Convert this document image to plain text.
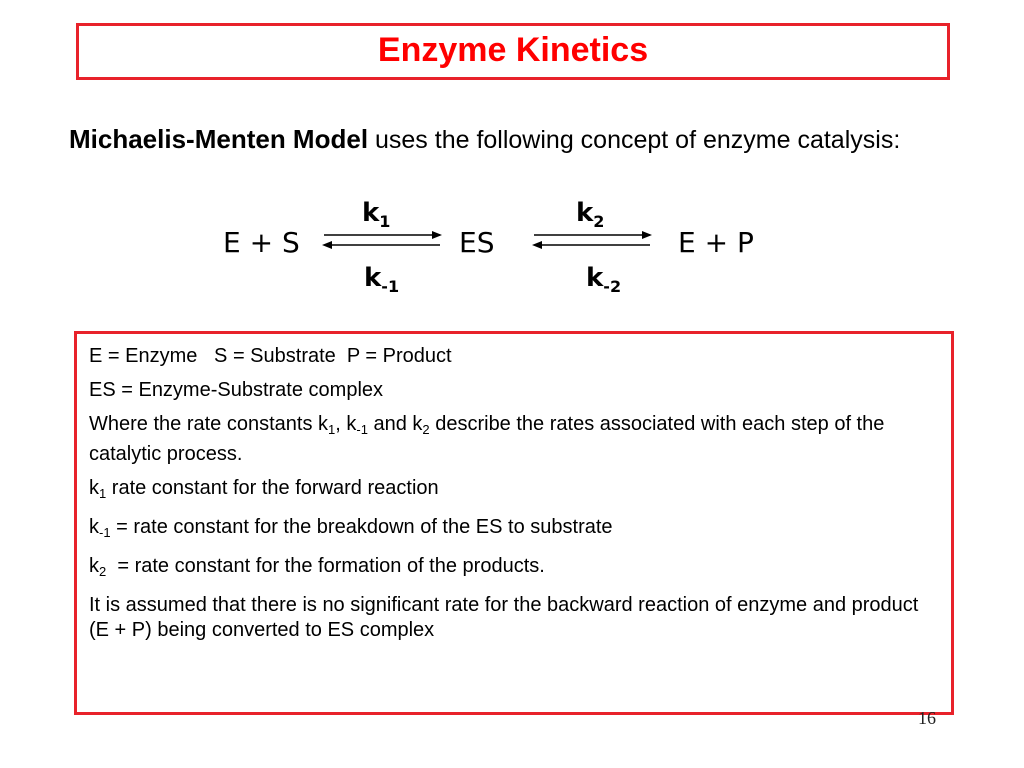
Enzyme Kinetics
Michaelis-Menten Model uses the following concept of enzyme catalysis:
$k_1$	$k_2$
$k_{-1}$	$k_{-2}$
E + S	ES	E + P

E = Enzyme   S = Substrate  P = Product

ES = Enzyme-Substrate complex

Where the rate constants $k_1$, $k_{-1}$ and $k_2$ describe the rates associated with each step of the catalytic process.

$k_1$ rate constant for the forward reaction

$k_{-1}$ = rate constant for the breakdown of the ES to substrate

$k_2$  = rate constant for the formation of the products.

It is assumed that there is no significant rate for the backward reaction of enzyme and product (E + P) being converted to ES complex

16
